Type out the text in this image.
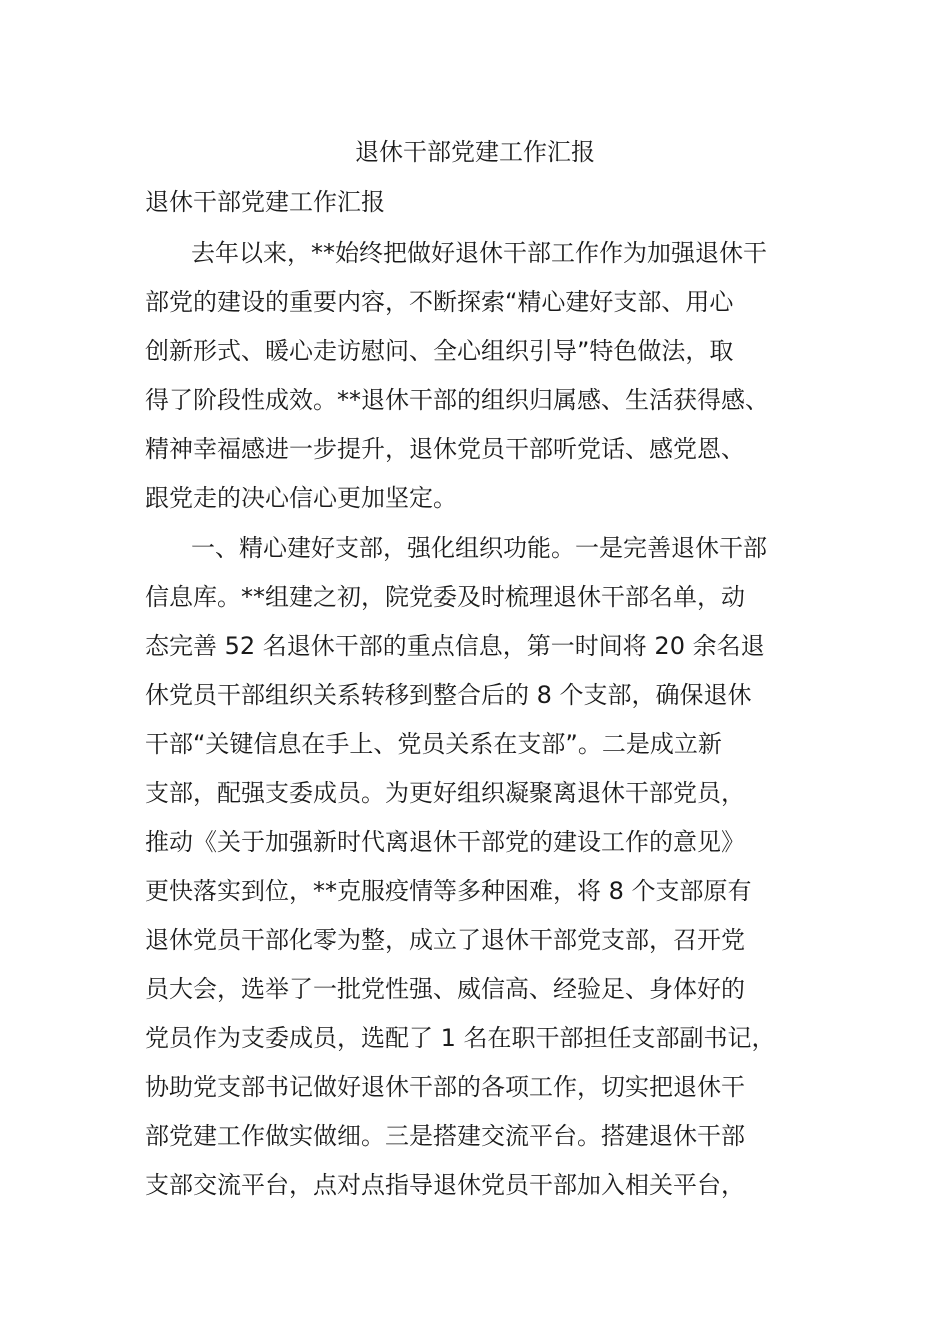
退休干部党建工作汇报

退休干部党建工作汇报

去年以来，**始终把做好退休干部工作作为加强退休干
部党的建设的重要内容，不断探索“精心建好支部、用心
创新形式、暖心走访慰问、全心组织引导”特色做法，取
得了阶段性成效。**退休干部的组织归属感、生活获得感、
精神幸福感进一步提升，退休党员干部听党话、感党恩、
跟党走的决心信心更加坚定。
一、精心建好支部，强化组织功能。一是完善退休干部
信息库。**组建之初，院党委及时梳理退休干部名单，动
态完善 52 名退休干部的重点信息，第一时间将 20 余名退
休党员干部组织关系转移到整合后的 8 个支部，确保退休
干部“关键信息在手上、党员关系在支部”。二是成立新
支部，配强支委成员。为更好组织凝聚离退休干部党员，
推动《关于加强新时代离退休干部党的建设工作的意见》
更快落实到位，**克服疫情等多种困难，将 8 个支部原有
退休党员干部化零为整，成立了退休干部党支部，召开党
员大会，选举了一批党性强、威信高、经验足、身体好的
党员作为支委成员，选配了 1 名在职干部担任支部副书记，
协助党支部书记做好退休干部的各项工作，切实把退休干
部党建工作做实做细。三是搭建交流平台。搭建退休干部
支部交流平台，点对点指导退休党员干部加入相关平台，
